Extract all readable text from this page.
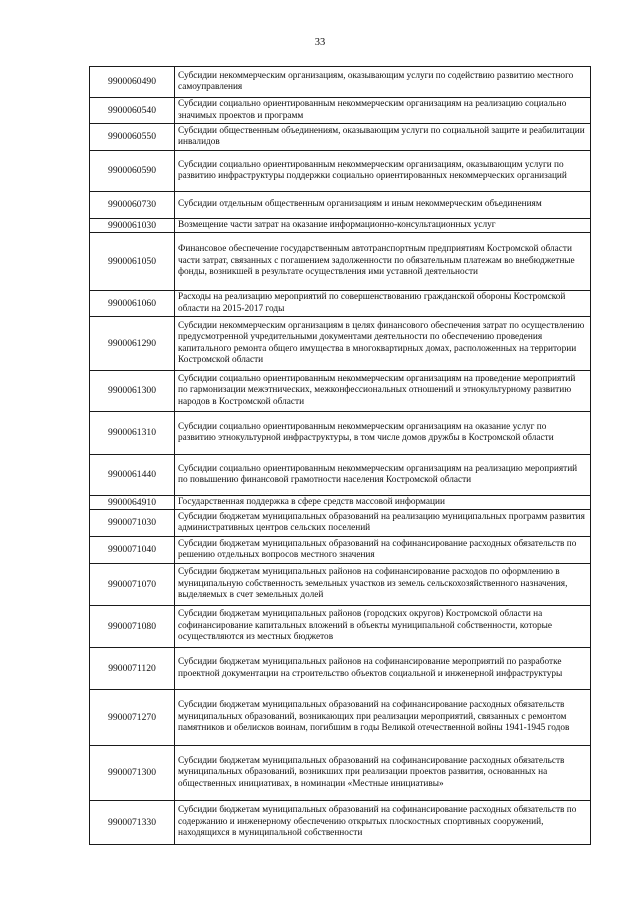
33
9900060490	Субсидии некоммерческим организациям, оказывающим услуги по содействию развитию местного самоуправления
9900060540	Субсидии социально ориентированным некоммерческим организациям на реализацию социально значимых проектов и программ
9900060550	Субсидии общественным объединениям, оказывающим услуги по социальной защите и реабилитации инвалидов
9900060590	Субсидии социально ориентированным некоммерческим организациям, оказывающим услуги по развитию инфраструктуры поддержки социально ориентированных некоммерческих организаций
9900060730	Субсидии отдельным общественным организациям и иным некоммерческим объединениям
9900061030	Возмещение части затрат на оказание информационно-консультационных услуг
9900061050	Финансовое обеспечение государственным автотранспортным предприятиям Костромской области части затрат, связанных с погашением задолженности по обязательным платежам во внебюджетные фонды, возникшей в результате осуществления ими уставной деятельности
9900061060	Расходы на реализацию мероприятий по совершенствованию гражданской обороны Костромской области на 2015-2017 годы
9900061290	Субсидии некоммерческим организациям в целях финансового обеспечения затрат по осуществлению предусмотренной учредительными документами деятельности по обеспечению проведения капитального ремонта общего имущества в многоквартирных домах, расположенных на территории Костромской области
9900061300	Субсидии социально ориентированным некоммерческим организациям на проведение мероприятий по гармонизации межэтнических, межконфессиональных отношений и этнокультурному развитию народов в Костромской области
9900061310	Субсидии социально ориентированным некоммерческим организациям на оказание услуг по развитию этнокультурной инфраструктуры, в том числе домов дружбы в Костромской области
9900061440	Субсидии социально ориентированным некоммерческим организациям на реализацию мероприятий по повышению финансовой грамотности населения Костромской области
9900064910	Государственная поддержка в сфере средств массовой информации
9900071030	Субсидии бюджетам муниципальных образований на реализацию муниципальных программ развития административных центров сельских поселений
9900071040	Субсидии бюджетам муниципальных образований на софинансирование расходных обязательств по решению отдельных вопросов местного значения
9900071070	Субсидии бюджетам муниципальных районов на софинансирование расходов по оформлению в муниципальную собственность земельных участков из земель сельскохозяйственного назначения, выделяемых в счет земельных долей
9900071080	Субсидии бюджетам муниципальных районов (городских округов) Костромской области на софинансирование капитальных вложений в объекты муниципальной собственности, которые осуществляются из местных бюджетов
9900071120	Субсидии бюджетам муниципальных районов на софинансирование мероприятий по разработке проектной документации на строительство объектов социальной и инженерной инфраструктуры
9900071270	Субсидии бюджетам муниципальных образований на софинансирование расходных обязательств муниципальных образований, возникающих при реализации мероприятий, связанных с ремонтом памятников и обелисков воинам, погибшим в годы Великой отечественной войны 1941-1945 годов
9900071300	Субсидии бюджетам муниципальных образований на софинансирование расходных обязательств муниципальных образований, возникших при реализации проектов развития, основанных на общественных инициативах, в номинации «Местные инициативы»
9900071330	Субсидии бюджетам муниципальных образований на софинансирование расходных обязательств по содержанию и инженерному обеспечению открытых плоскостных спортивных сооружений, находящихся в муниципальной собственности
